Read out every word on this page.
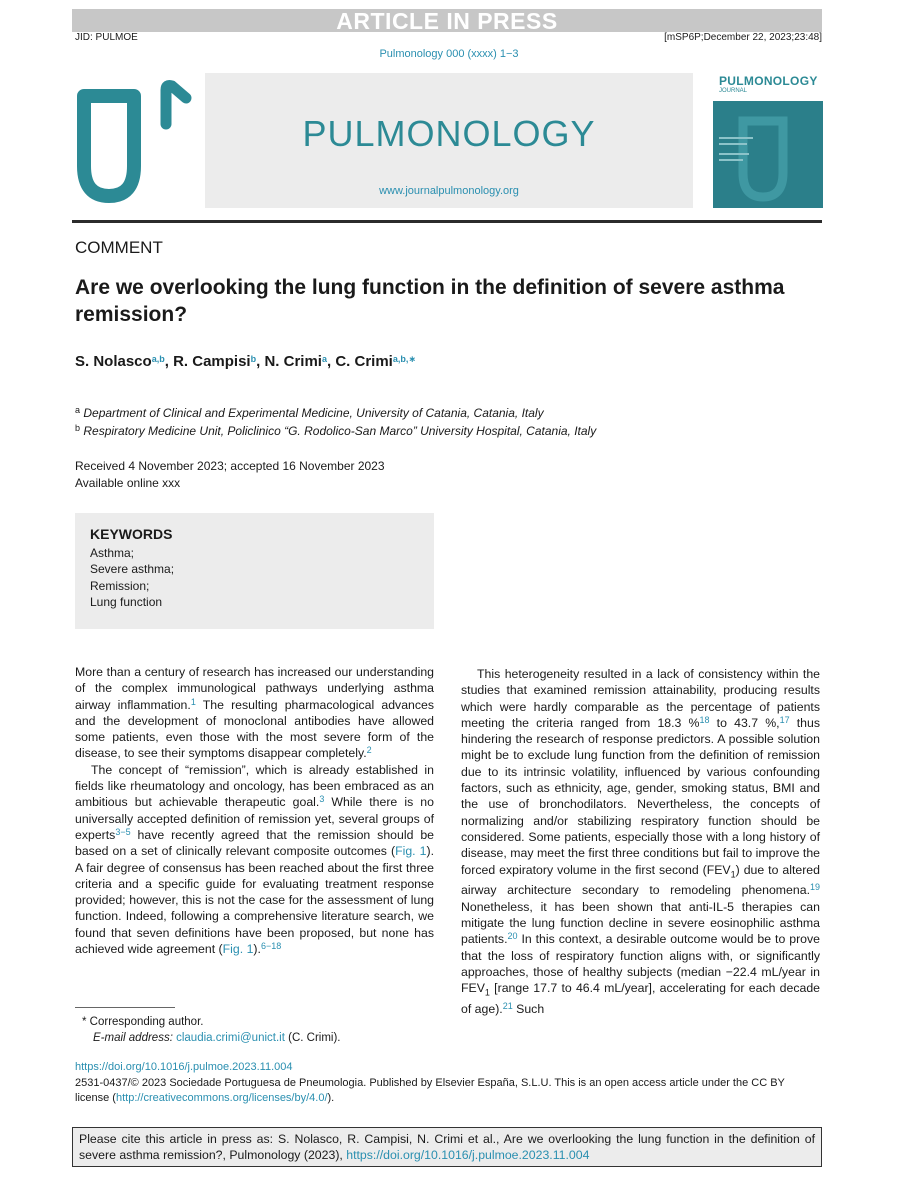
ARTICLE IN PRESS
JID: PULMOE	[mSP6P;December 22, 2023;23:48]
Pulmonology 000 (xxxx) 1−3
PULMONOLOGY
www.journalpulmonology.org
PULMONOLOGY
JOURNAL
COMMENT
Are we overlooking the lung function in the definition of severe asthma remission?
S. Nolasco$^{a,b}$, R. Campisi$^b$, N. Crimi$^a$, C. Crimi$^{a,b,∗}$
$^a$ Department of Clinical and Experimental Medicine, University of Catania, Catania, Italy
$^b$ Respiratory Medicine Unit, Policlinico “G. Rodolico-San Marco” University Hospital, Catania, Italy
Received 4 November 2023; accepted 16 November 2023
Available online xxx
KEYWORDS
Asthma;
Severe asthma;
Remission;
Lung function

More than a century of research has increased our understanding of the complex immunological pathways underlying asthma airway inflammation.$^1$ The resulting pharmacological advances and the development of monoclonal antibodies have allowed some patients, even those with the most severe form of the disease, to see their symptoms disappear completely.$^2$

The concept of “remission”, which is already established in fields like rheumatology and oncology, has been embraced as an ambitious but achievable therapeutic goal.$^3$ While there is no universally accepted definition of remission yet, several groups of experts$^{3-5}$ have recently agreed that the remission should be based on a set of clinically relevant composite outcomes (Fig. 1). A fair degree of consensus has been reached about the first three criteria and a specific guide for evaluating treatment response provided; however, this is not the case for the assessment of lung function. Indeed, following a comprehensive literature search, we found that seven definitions have been proposed, but none has achieved wide agreement (Fig. 1).$^{6-18}$

This heterogeneity resulted in a lack of consistency within the studies that examined remission attainability, producing results which were hardly comparable as the percentage of patients meeting the criteria ranged from 18.3 %$^{18}$ to 43.7 %,$^{17}$ thus hindering the research of response predictors. A possible solution might be to exclude lung function from the definition of remission due to its intrinsic volatility, influenced by various confounding factors, such as ethnicity, age, gender, smoking status, BMI and the use of bronchodilators. Nevertheless, the concepts of normalizing and/or stabilizing respiratory function should be considered. Some patients, especially those with a long history of disease, may meet the first three conditions but fail to improve the forced expiratory volume in the first second $(FEV_1)$ due to altered airway architecture secondary to remodeling phenomena.$^{19}$ Nonetheless, it has been shown that anti-IL-5 therapies can mitigate the lung function decline in severe eosinophilic asthma patients.$^{20}$ In this context, a desirable outcome would be to prove that the loss of respiratory function aligns with, or significantly approaches, those of healthy subjects (median −22.4 mL/year in $FEV_1$ [range 17.7 to 46.4 mL/year], accelerating for each decade of age).$^{21}$ Such

* Corresponding author.
E-mail address: claudia.crimi@unict.it (C. Crimi).
https://doi.org/10.1016/j.pulmoe.2023.11.004
2531-0437/© 2023 Sociedade Portuguesa de Pneumologia. Published by Elsevier España, S.L.U. This is an open access article under the CC BY license (http://creativecommons.org/licenses/by/4.0/).
Please cite this article in press as: S. Nolasco, R. Campisi, N. Crimi et al., Are we overlooking the lung function in the definition of severe asthma remission?, Pulmonology (2023), https://doi.org/10.1016/j.pulmoe.2023.11.004
